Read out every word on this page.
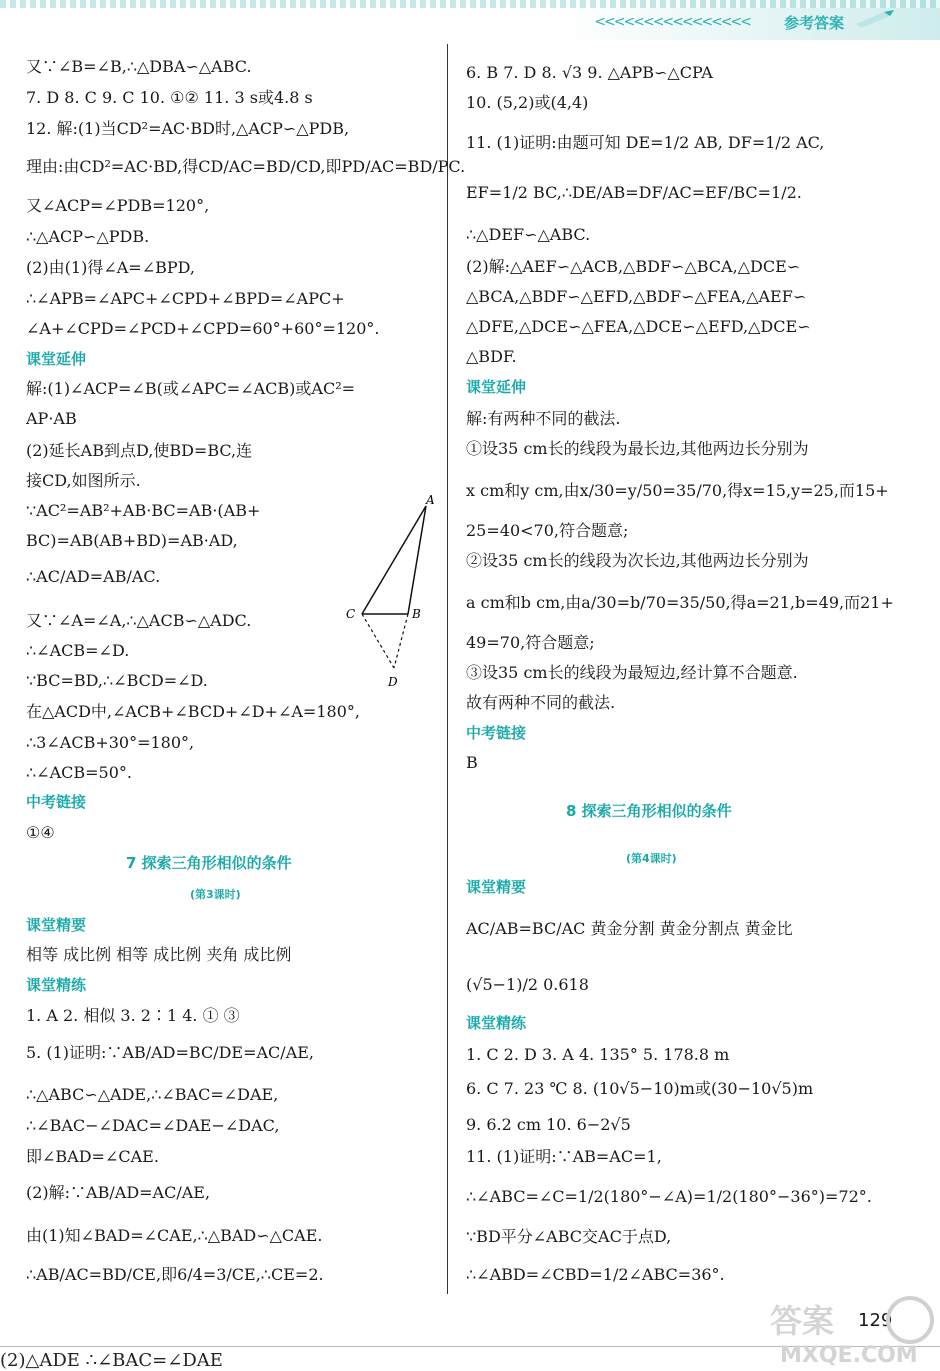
<<<<<<<<<<<<<<<< 参考答案
又∵∠B=∠B,∴△DBA∽△ABC.
7. D 8. C 9. C 10. ①② 11. 3 s或4.8 s
12. 解:(1)当CD²=AC·BD时,△ACP∽△PDB,
理由:由CD²=AC·BD,得CD/AC=BD/CD,即PD/AC=BD/PC.
又∠ACP=∠PDB=120°,
∴△ACP∽△PDB.
(2)由(1)得∠A=∠BPD,
∴∠APB=∠APC+∠CPD+∠BPD=∠APC+
∠A+∠CPD=∠PCD+∠CPD=60°+60°=120°.
课堂延伸
解:(1)∠ACP=∠B(或∠APC=∠ACB)或AC²=
AP·AB
(2)延长AB到点D,使BD=BC,连
接CD,如图所示.
∵AC²=AB²+AB·BC=AB·(AB+
BC)=AB(AB+BD)=AB·AD,
∴AC/AD=AB/AC.
又∵∠A=∠A,∴△ACB∽△ADC.
∴∠ACB=∠D.
∵BC=BD,∴∠BCD=∠D.
在△ACD中,∠ACB+∠BCD+∠D+∠A=180°,
∴3∠ACB+30°=180°,
∴∠ACB=50°.
中考链接
①④
7 探索三角形相似的条件
(第3课时)
课堂精要
相等 成比例 相等 成比例 夹角 成比例
课堂精练
1. A 2. 相似 3. 2∶1 4. ① ③
5. (1)证明:∵AB/AD=BC/DE=AC/AE,
∴△ABC∽△ADE,∴∠BAC=∠DAE,
∴∠BAC−∠DAC=∠DAE−∠DAC,
即∠BAD=∠CAE.
(2)解:∵AB/AD=AC/AE,
由(1)知∠BAD=∠CAE,∴△BAD∽△CAE.
∴AB/AC=BD/CE,即6/4=3/CE,∴CE=2.
A
B
C
D
6. B 7. D 8. √3 9. △APB∽△CPA
10. (5,2)或(4,4)
11. (1)证明:由题可知 DE=1/2 AB, DF=1/2 AC,
EF=1/2 BC,∴DE/AB=DF/AC=EF/BC=1/2.
∴△DEF∽△ABC.
(2)解:△AEF∽△ACB,△BDF∽△BCA,△DCE∽
△BCA,△BDF∽△EFD,△BDF∽△FEA,△AEF∽
△DFE,△DCE∽△FEA,△DCE∽△EFD,△DCE∽
△BDF.
课堂延伸
解:有两种不同的截法.
①设35 cm长的线段为最长边,其他两边长分别为
x cm和y cm,由x/30=y/50=35/70,得x=15,y=25,而15+
25=40<70,符合题意;
②设35 cm长的线段为次长边,其他两边长分别为
a cm和b cm,由a/30=b/70=35/50,得a=21,b=49,而21+
49=70,符合题意;
③设35 cm长的线段为最短边,经计算不合题意.
故有两种不同的截法.
中考链接
B
8 探索三角形相似的条件
(第4课时)
课堂精要
AC/AB=BC/AC 黄金分割 黄金分割点 黄金比
(√5−1)/2 0.618
课堂精练
1. C 2. D 3. A 4. 135° 5. 178.8 m
6. C 7. 23 ℃ 8. (10√5−10)m或(30−10√5)m
9. 6.2 cm 10. 6−2√5
11. (1)证明:∵AB=AC=1,
∴∠ABC=∠C=1/2(180°−∠A)=1/2(180°−36°)=72°.
∵BD平分∠ABC交AC于点D,
∴∠ABD=∠CBD=1/2∠ABC=36°.
129
(2)△ADE ∴∠BAC=∠DAE
答案
MXQE.COM
